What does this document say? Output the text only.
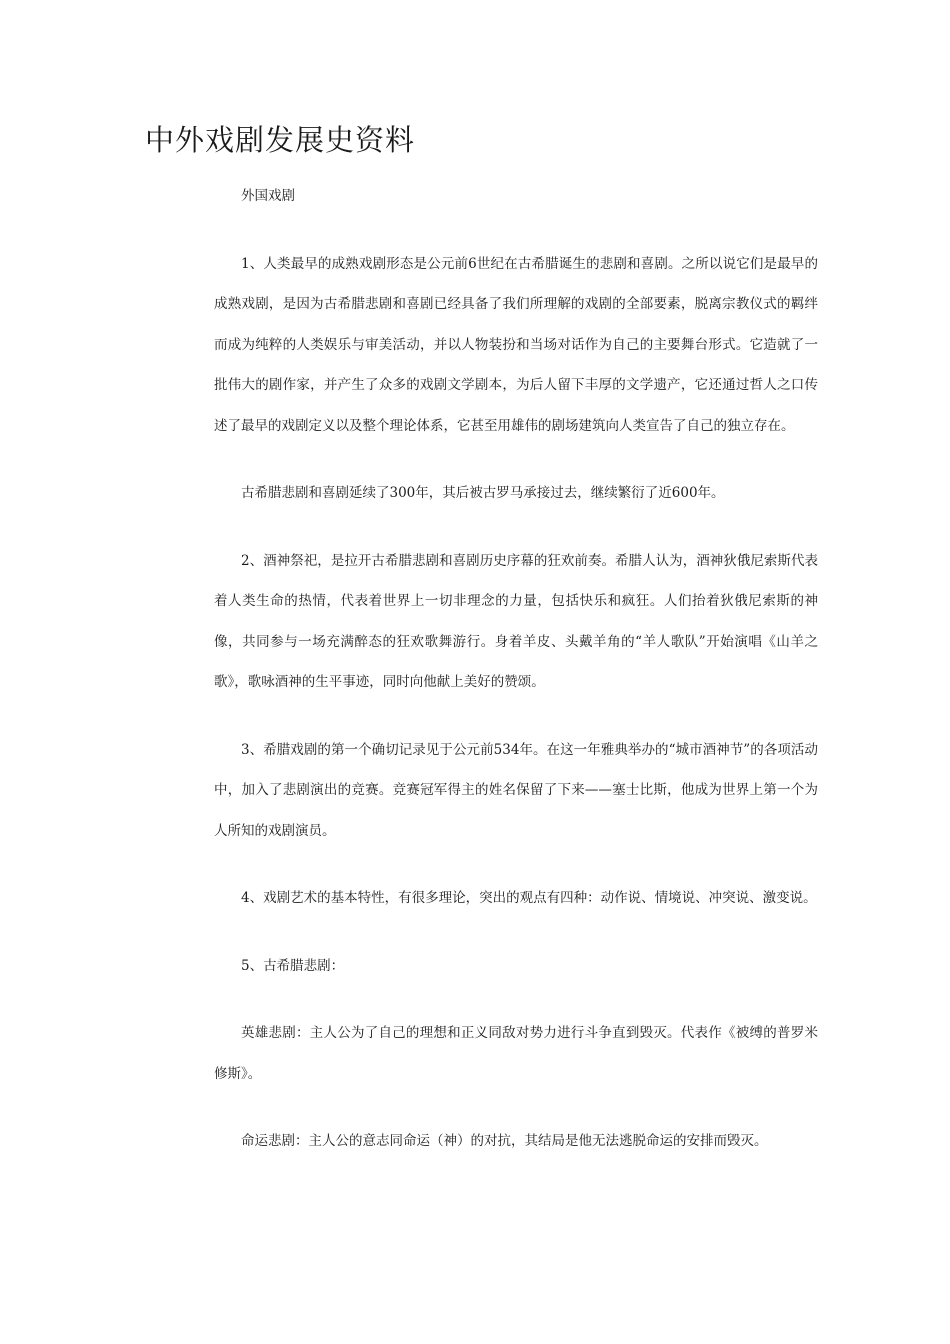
中外戏剧发展史资料

外国戏剧

1、人类最早的成熟戏剧形态是公元前6世纪在古希腊诞生的悲剧和喜剧。之所以说它们是最早的成熟戏剧，是因为古希腊悲剧和喜剧已经具备了我们所理解的戏剧的全部要素，脱离宗教仪式的羁绊而成为纯粹的人类娱乐与审美活动，并以人物装扮和当场对话作为自己的主要舞台形式。它造就了一批伟大的剧作家，并产生了众多的戏剧文学剧本，为后人留下丰厚的文学遗产，它还通过哲人之口传述了最早的戏剧定义以及整个理论体系，它甚至用雄伟的剧场建筑向人类宣告了自己的独立存在。

古希腊悲剧和喜剧延续了300年，其后被古罗马承接过去，继续繁衍了近600年。

2、酒神祭祀，是拉开古希腊悲剧和喜剧历史序幕的狂欢前奏。希腊人认为，酒神狄俄尼索斯代表着人类生命的热情，代表着世界上一切非理念的力量，包括快乐和疯狂。人们抬着狄俄尼索斯的神像，共同参与一场充满醉态的狂欢歌舞游行。身着羊皮、头戴羊角的“羊人歌队”开始演唱《山羊之歌》，歌咏酒神的生平事迹，同时向他献上美好的赞颂。

3、希腊戏剧的第一个确切记录见于公元前534年。在这一年雅典举办的“城市酒神节”的各项活动中，加入了悲剧演出的竞赛。竞赛冠军得主的姓名保留了下来——塞士比斯，他成为世界上第一个为人所知的戏剧演员。

4、戏剧艺术的基本特性，有很多理论，突出的观点有四种：动作说、情境说、冲突说、激变说。

5、古希腊悲剧：

英雄悲剧：主人公为了自己的理想和正义同敌对势力进行斗争直到毁灭。代表作《被缚的普罗米修斯》。

命运悲剧：主人公的意志同命运（神）的对抗，其结局是他无法逃脱命运的安排而毁灭。
